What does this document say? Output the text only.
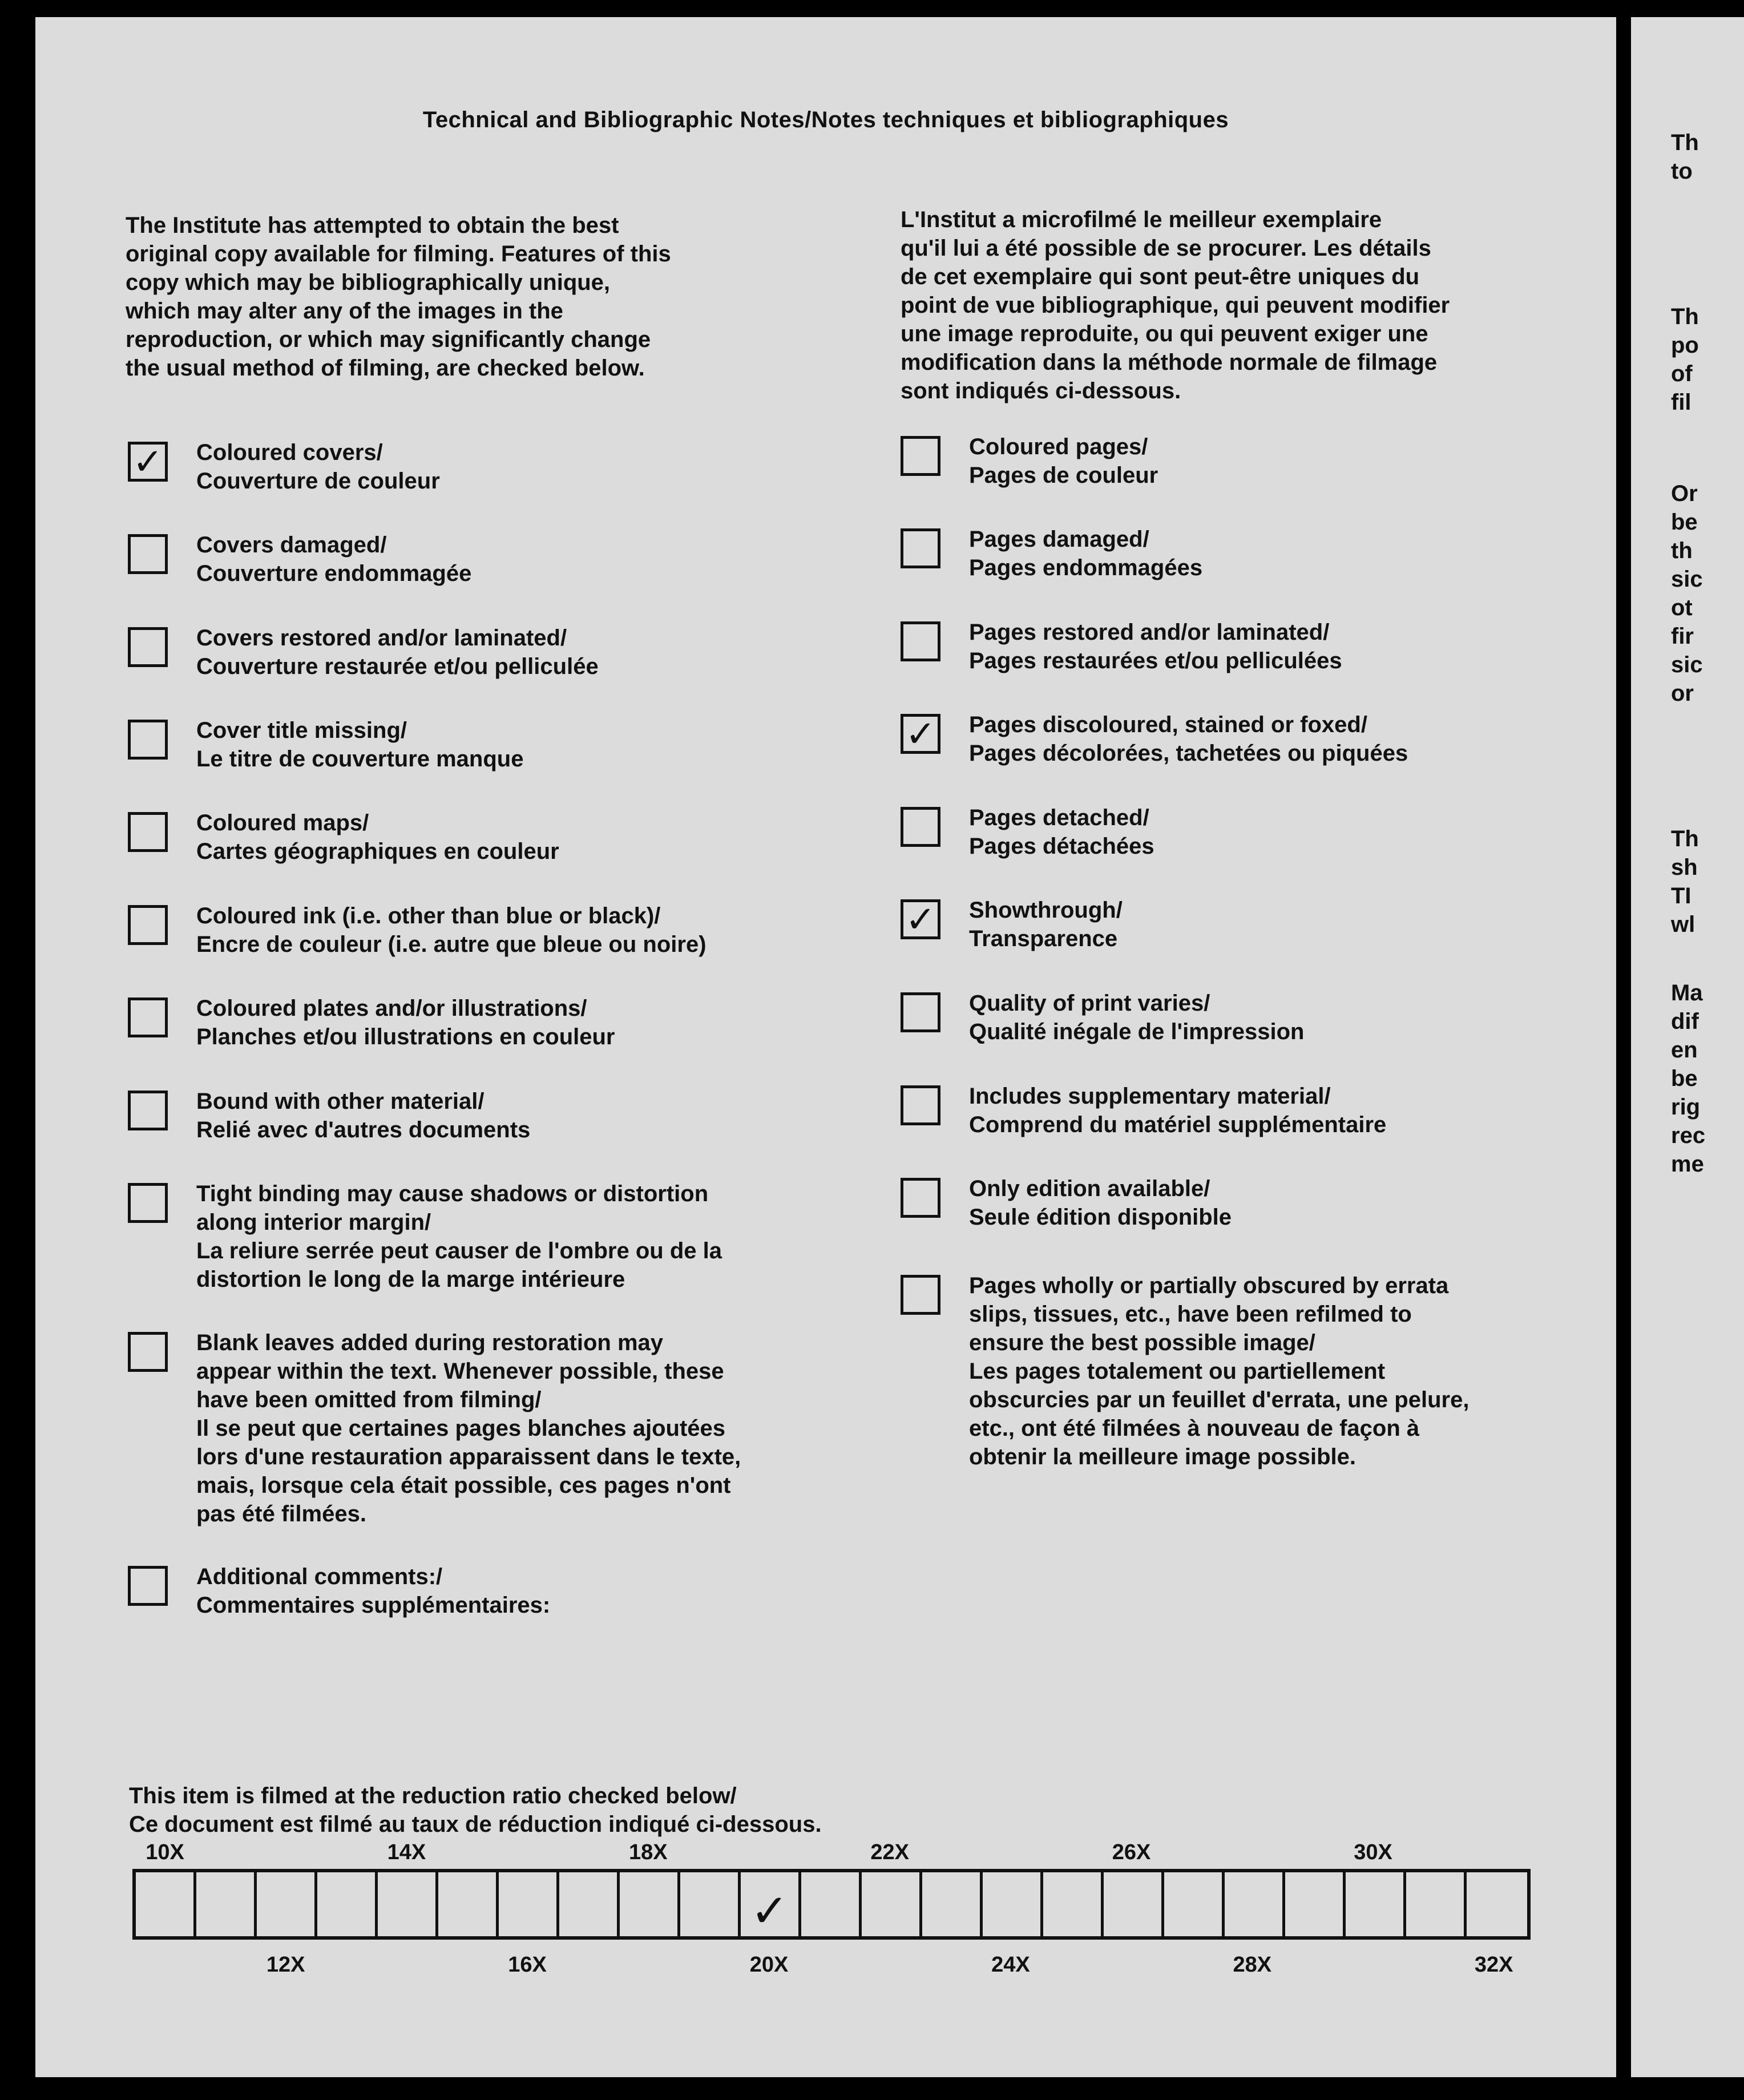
Technical and Bibliographic Notes/Notes techniques et bibliographiques
The Institute has attempted to obtain the best
original copy available for filming. Features of this
copy which may be bibliographically unique,
which may alter any of the images in the
reproduction, or which may significantly change
the usual method of filming, are checked below.
L'Institut a microfilmé le meilleur exemplaire
qu'il lui a été possible de se procurer. Les détails
de cet exemplaire qui sont peut-être uniques du
point de vue bibliographique, qui peuvent modifier
une image reproduite, ou qui peuvent exiger une
modification dans la méthode normale de filmage
sont indiqués ci-dessous.
✓ Coloured covers/
Couverture de couleur
Covers damaged/
Couverture endommagée
Covers restored and/or laminated/
Couverture restaurée et/ou pelliculée
Cover title missing/
Le titre de couverture manque
Coloured maps/
Cartes géographiques en couleur
Coloured ink (i.e. other than blue or black)/
Encre de couleur (i.e. autre que bleue ou noire)
Coloured plates and/or illustrations/
Planches et/ou illustrations en couleur
Bound with other material/
Relié avec d'autres documents
Tight binding may cause shadows or distortion
along interior margin/
La reliure serrée peut causer de l'ombre ou de la
distortion le long de la marge intérieure
Blank leaves added during restoration may
appear within the text. Whenever possible, these
have been omitted from filming/
Il se peut que certaines pages blanches ajoutées
lors d'une restauration apparaissent dans le texte,
mais, lorsque cela était possible, ces pages n'ont
pas été filmées.
Additional comments:/
Commentaires supplémentaires:
Coloured pages/
Pages de couleur
Pages damaged/
Pages endommagées
Pages restored and/or laminated/
Pages restaurées et/ou pelliculées
✓ Pages discoloured, stained or foxed/
Pages décolorées, tachetées ou piquées
Pages detached/
Pages détachées
✓ Showthrough/
Transparence
Quality of print varies/
Qualité inégale de l'impression
Includes supplementary material/
Comprend du matériel supplémentaire
Only edition available/
Seule édition disponible
Pages wholly or partially obscured by errata
slips, tissues, etc., have been refilmed to
ensure the best possible image/
Les pages totalement ou partiellement
obscurcies par un feuillet d'errata, une pelure,
etc., ont été filmées à nouveau de façon à
obtenir la meilleure image possible.
This item is filmed at the reduction ratio checked below/
Ce document est filmé au taux de réduction indiqué ci-dessous.
10X	14X	18X	22X	26X	30X
12X	16X	20X	24X	28X	32X
✓
Th
to
Th
po
of
fil
Or
be
th
sic
ot
fir
sic
or
Th
sh
TI
wl
Ma
dif
en
be
rig
rec
me
